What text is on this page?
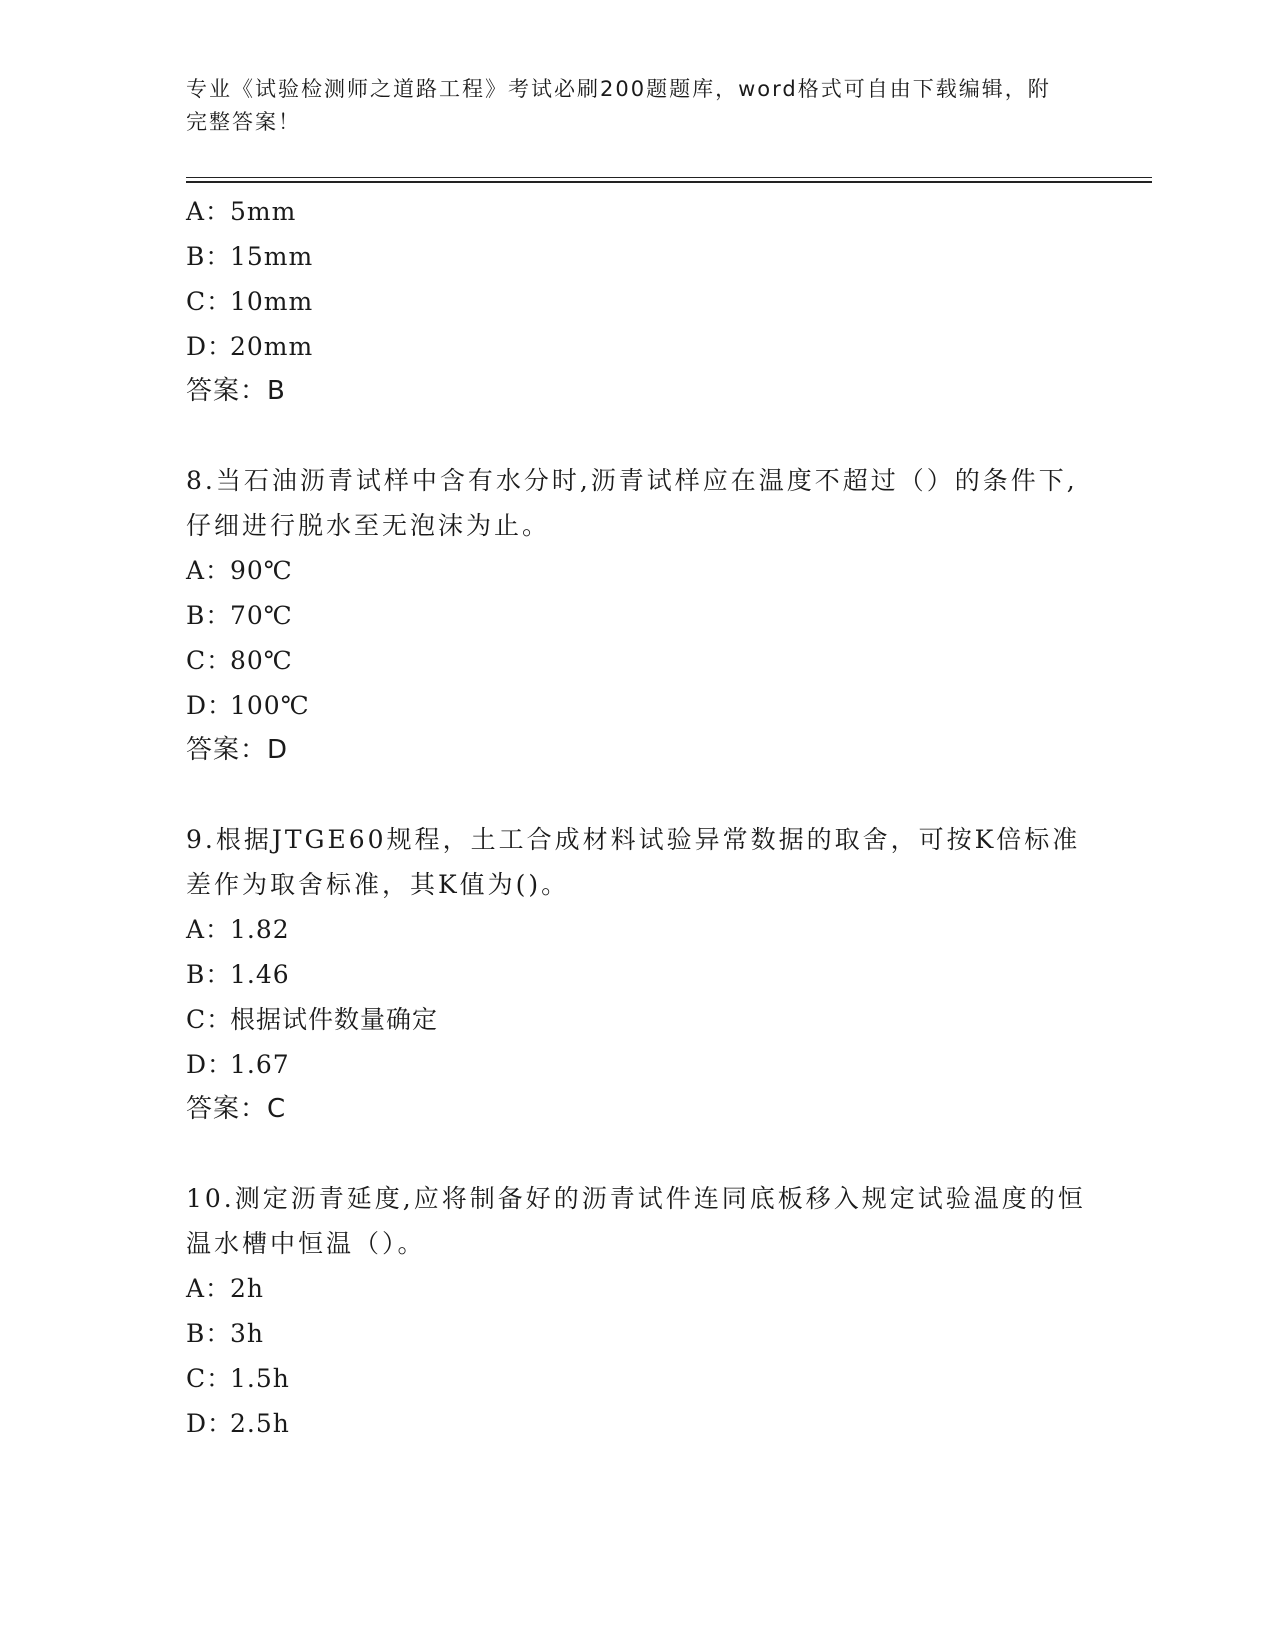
专业《试验检测师之道路工程》考试必刷200题题库，word格式可自由下载编辑，附完整答案！
A：5mm
B：15mm
C：10mm
D：20mm
答案：B
8.当石油沥青试样中含有水分时,沥青试样应在温度不超过（）的条件下,仔细进行脱水至无泡沫为止。
A：90℃
B：70℃
C：80℃
D：100℃
答案：D
9.根据JTGE60规程，土工合成材料试验异常数据的取舍，可按K倍标准差作为取舍标准，其K值为()。
A：1.82
B：1.46
C：根据试件数量确定
D：1.67
答案：C
10.测定沥青延度,应将制备好的沥青试件连同底板移入规定试验温度的恒温水槽中恒温（）。
A：2h
B：3h
C：1.5h
D：2.5h
